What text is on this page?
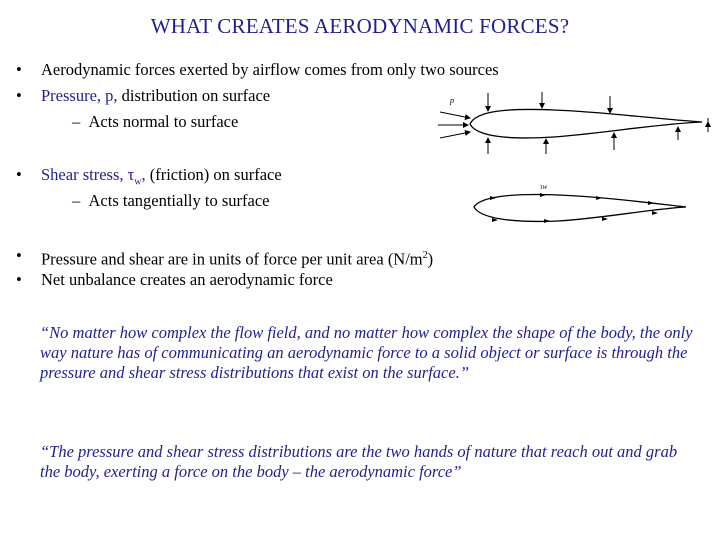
WHAT CREATES AERODYNAMIC FORCES?
• Aerodynamic forces exerted by airflow comes from only two sources
• Pressure, p, distribution on surface
– Acts normal to surface
• Shear stress, $\tau_w$, (friction) on surface
– Acts tangentially to surface
• Pressure and shear are in units of force per unit area $(N/m^2)$
• Net unbalance creates an aerodynamic force
“No matter how complex the flow field, and no matter how complex the shape of the body, the only way nature has of communicating an aerodynamic force to a solid object or surface is through the pressure and shear stress distributions that exist on the surface.”
“The pressure and shear stress distributions are the two hands of nature that reach out and grab the body, exerting a force on the body – the aerodynamic force”
p
τw
